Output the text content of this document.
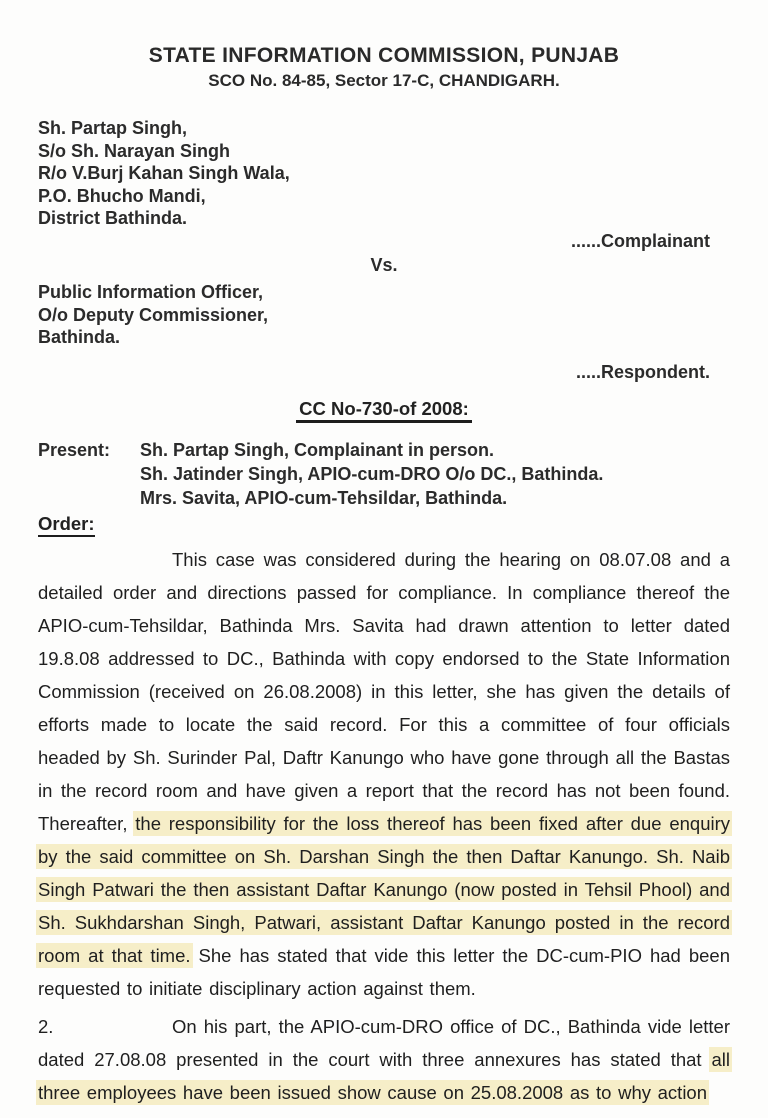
STATE INFORMATION COMMISSION, PUNJAB
SCO No. 84-85, Sector 17-C, CHANDIGARH.
Sh. Partap Singh,
S/o Sh. Narayan Singh
R/o V.Burj Kahan Singh Wala,
P.O. Bhucho Mandi,
District Bathinda.
......Complainant
Vs.
Public Information Officer,
O/o Deputy Commissioner,
Bathinda.
.....Respondent.
CC No-730-of 2008:
Present:	Sh. Partap Singh, Complainant in person.
Sh. Jatinder Singh, APIO-cum-DRO O/o DC., Bathinda.
Mrs. Savita, APIO-cum-Tehsildar, Bathinda.
Order:

This case was considered during the hearing on 08.07.08 and a detailed order and directions passed for compliance. In compliance thereof the APIO-cum-Tehsildar, Bathinda Mrs. Savita had drawn attention to letter dated 19.8.08 addressed to DC., Bathinda with copy endorsed to the State Information Commission (received on 26.08.2008) in this letter, she has given the details of efforts made to locate the said record. For this a committee of four officials headed by Sh. Surinder Pal, Daftr Kanungo who have gone through all the Bastas in the record room and have given a report that the record has not been found. Thereafter, the responsibility for the loss thereof has been fixed after due enquiry by the said committee on Sh. Darshan Singh the then Daftar Kanungo. Sh. Naib Singh Patwari the then assistant Daftar Kanungo (now posted in Tehsil Phool) and Sh. Sukhdarshan Singh, Patwari, assistant Daftar Kanungo posted in the record room at that time. She has stated that vide this letter the DC-cum-PIO had been requested to initiate disciplinary action against them.

2.	On his part, the APIO-cum-DRO office of DC., Bathinda vide letter dated 27.08.08 presented in the court with three annexures has stated that all three employees have been issued show cause on 25.08.2008 as to why action
